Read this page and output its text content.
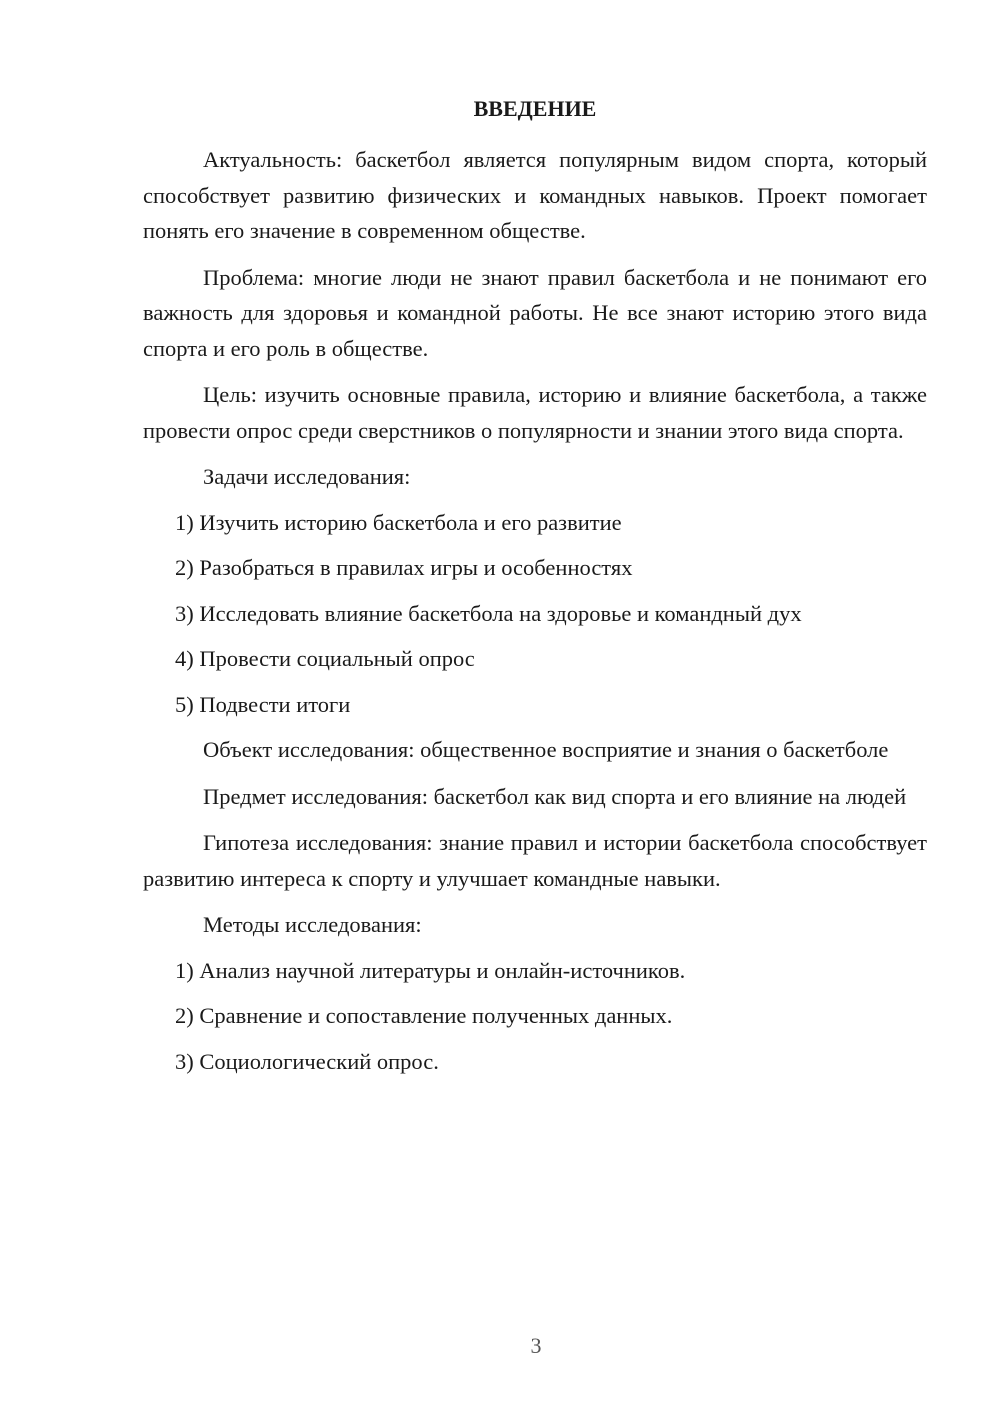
ВВЕДЕНИЕ

Актуальность: баскетбол является популярным видом спорта, который способствует развитию физических и командных навыков. Проект помогает понять его значение в современном обществе.

Проблема: многие люди не знают правил баскетбола и не понимают его важность для здоровья и командной работы. Не все знают историю этого вида спорта и его роль в обществе.

Цель: изучить основные правила, историю и влияние баскетбола, а также провести опрос среди сверстников о популярности и знании этого вида спорта.

Задачи исследования:
1) Изучить историю баскетбола и его развитие
2) Разобраться в правилах игры и особенностях
3) Исследовать влияние баскетбола на здоровье и командный дух
4) Провести социальный опрос
5) Подвести итоги

Объект исследования: общественное восприятие и знания о баскетболе

Предмет исследования: баскетбол как вид спорта и его влияние на людей

Гипотеза исследования: знание правил и истории баскетбола способствует развитию интереса к спорту и улучшает командные навыки.

Методы исследования:
1) Анализ научной литературы и онлайн-источников.
2) Сравнение и сопоставление полученных данных.
3) Социологический опрос.
3
